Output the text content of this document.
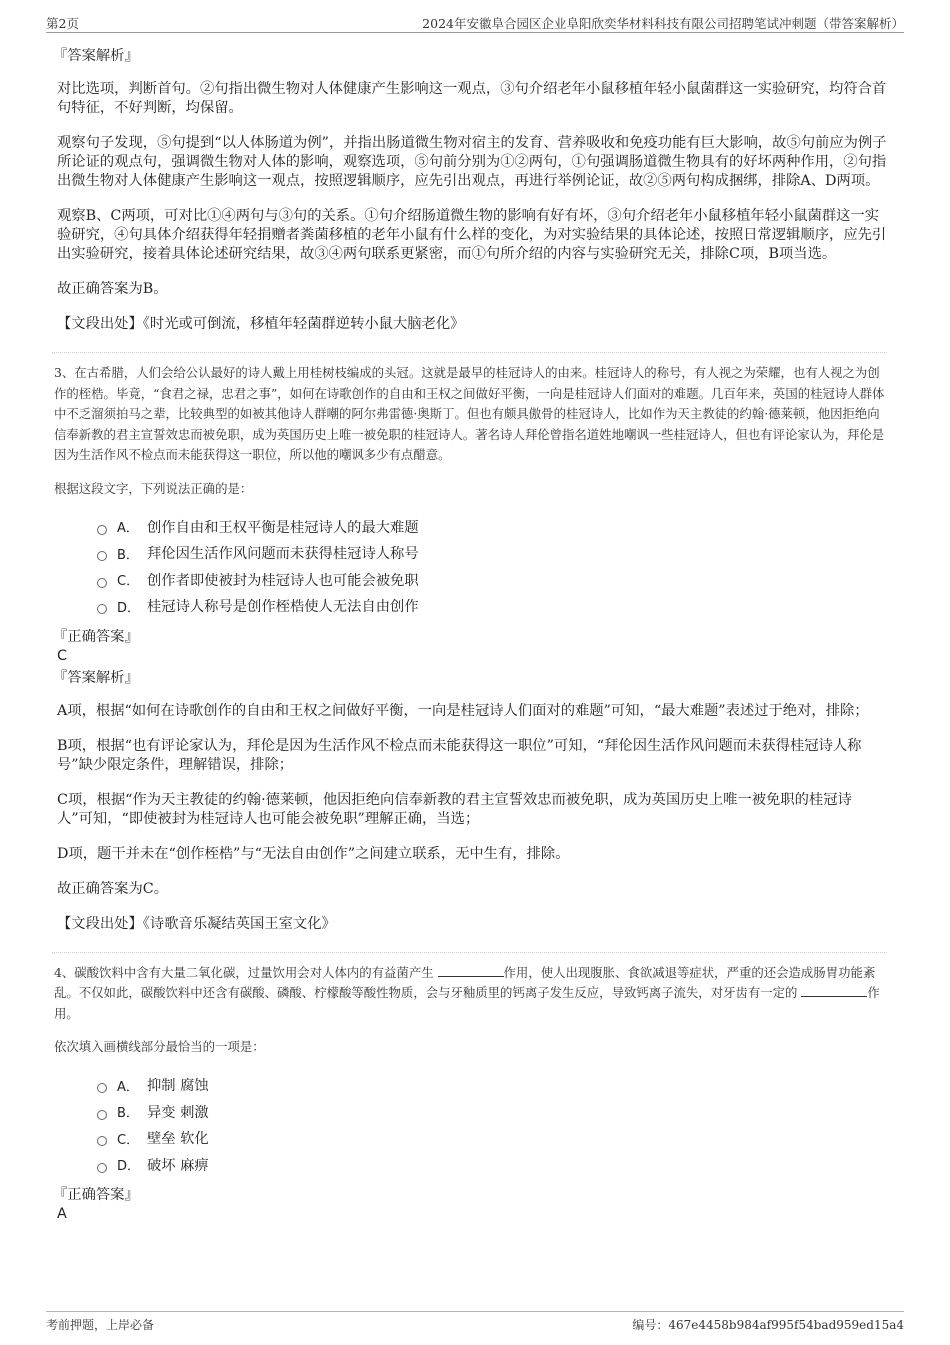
第2页	2024年安徽阜合园区企业阜阳欣奕华材料科技有限公司招聘笔试冲刺题（带答案解析）
『答案解析』

对比选项，判断首句。②句指出微生物对人体健康产生影响这一观点，③句介绍老年小鼠移植年轻小鼠菌群这一实验研究，均符合首句特征，不好判断，均保留。

观察句子发现，⑤句提到“以人体肠道为例”，并指出肠道微生物对宿主的发育、营养吸收和免疫功能有巨大影响，故⑤句前应为例子所论证的观点句，强调微生物对人体的影响，观察选项，⑤句前分别为①②两句，①句强调肠道微生物具有的好坏两种作用，②句指出微生物对人体健康产生影响这一观点，按照逻辑顺序，应先引出观点，再进行举例论证，故②⑤两句构成捆绑，排除A、D两项。

观察B、C两项，可对比①④两句与③句的关系。①句介绍肠道微生物的影响有好有坏，③句介绍老年小鼠移植年轻小鼠菌群这一实验研究，④句具体介绍获得年轻捐赠者粪菌移植的老年小鼠有什么样的变化，为对实验结果的具体论述，按照日常逻辑顺序，应先引出实验研究，接着具体论述研究结果，故③④两句联系更紧密，而①句所介绍的内容与实验研究无关，排除C项，B项当选。

故正确答案为B。

【文段出处】《时光或可倒流，移植年轻菌群逆转小鼠大脑老化》

3、在古希腊，人们会给公认最好的诗人戴上用桂树枝编成的头冠。这就是最早的桂冠诗人的由来。桂冠诗人的称号，有人视之为荣耀，也有人视之为创作的桎梏。毕竟，“食君之禄，忠君之事”，如何在诗歌创作的自由和王权之间做好平衡，一向是桂冠诗人们面对的难题。几百年来，英国的桂冠诗人群体中不乏溜须拍马之辈，比较典型的如被其他诗人群嘲的阿尔弗雷德·奥斯丁。但也有颇具傲骨的桂冠诗人，比如作为天主教徒的约翰·德莱顿，他因拒绝向信奉新教的君主宣誓效忠而被免职，成为英国历史上唯一被免职的桂冠诗人。著名诗人拜伦曾指名道姓地嘲讽一些桂冠诗人，但也有评论家认为，拜伦是因为生活作风不检点而未能获得这一职位，所以他的嘲讽多少有点醋意。

根据这段文字，下列说法正确的是：

A． 创作自由和王权平衡是桂冠诗人的最大难题
B． 拜伦因生活作风问题而未获得桂冠诗人称号
C． 创作者即使被封为桂冠诗人也可能会被免职
D． 桂冠诗人称号是创作桎梏使人无法自由创作
『正确答案』
C
『答案解析』

A项，根据“如何在诗歌创作的自由和王权之间做好平衡，一向是桂冠诗人们面对的难题”可知，“最大难题”表述过于绝对，排除；

B项，根据“也有评论家认为，拜伦是因为生活作风不检点而未能获得这一职位”可知，“拜伦因生活作风问题而未获得桂冠诗人称号”缺少限定条件，理解错误，排除；

C项，根据“作为天主教徒的约翰·德莱顿，他因拒绝向信奉新教的君主宣誓效忠而被免职，成为英国历史上唯一被免职的桂冠诗人”可知，“即使被封为桂冠诗人也可能会被免职”理解正确，当选；

D项，题干并未在“创作桎梏”与“无法自由创作”之间建立联系，无中生有，排除。

故正确答案为C。

【文段出处】《诗歌音乐凝结英国王室文化》

4、碳酸饮料中含有大量二氧化碳，过量饮用会对人体内的有益菌产生	作用，使人出现腹胀、食欲减退等症状，严重的还会造成肠胃功能紊乱。不仅如此，碳酸饮料中还含有碳酸、磷酸、柠檬酸等酸性物质，会与牙釉质里的钙离子发生反应，导致钙离子流失，对牙齿有一定的	作用。

依次填入画横线部分最恰当的一项是：

A． 抑制 腐蚀
B． 异变 刺激
C． 壁垒 软化
D． 破坏 麻痹
『正确答案』
A
考前押题，上岸必备	编号：467e4458b984af995f54bad959ed15a4
